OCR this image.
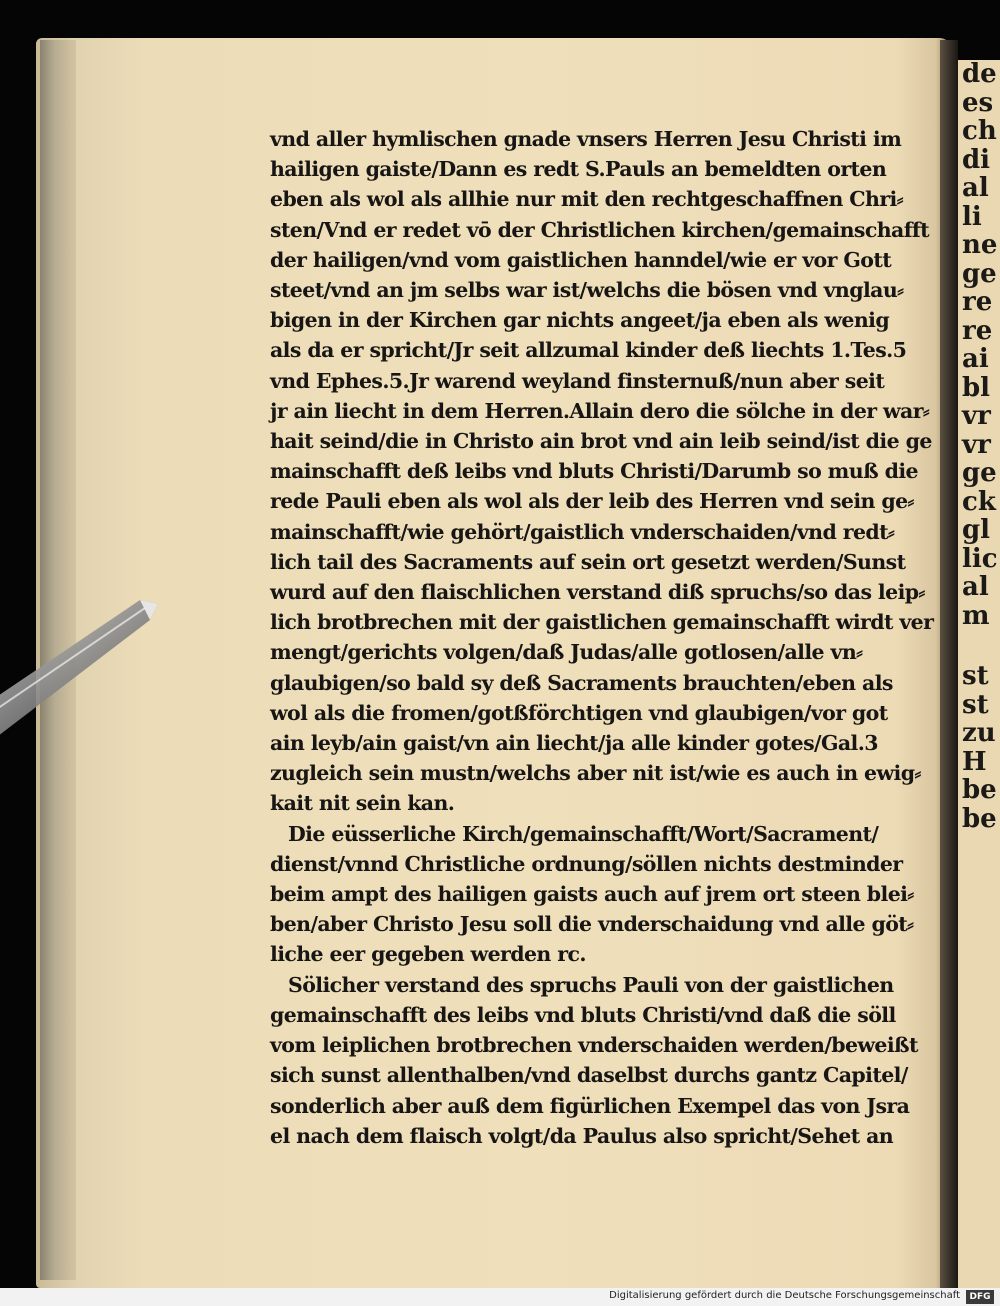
de
es
ch
di
al
li
ne
ge
re
re
ai
bl
vr
vr
ge
ck
gl
lic
al
m
st
st
zu
H
be
be
vnd aller hymlischen gnade vnsers Herren Jesu Christi im
hailigen gaiste/Dann es redt S.Pauls an bemeldten orten
eben als wol als allhie nur mit den rechtgeschaffnen Chri⸗
sten/Vnd er redet vō der Christlichen kirchen/gemainschafft
der hailigen/vnd vom gaistlichen hanndel/wie er vor Gott
steet/vnd an jm selbs war ist/welchs die bösen vnd vnglau⸗
bigen in der Kirchen gar nichts angeet/ja eben als wenig
als da er spricht/Jr seit allzumal kinder deß liechts 1.Tes.5
vnd Ephes.5.Jr warend weyland finsternuß/nun aber seit
jr ain liecht in dem Herren.Allain dero die sölche in der war⸗
hait seind/die in Christo ain brot vnd ain leib seind/ist die ge
mainschafft deß leibs vnd bluts Christi/Darumb so muß die
rede Pauli eben als wol als der leib des Herren vnd sein ge⸗
mainschafft/wie gehört/gaistlich vnderschaiden/vnd redt⸗
lich tail des Sacraments auf sein ort gesetzt werden/Sunst
wurd auf den flaischlichen verstand diß spruchs/so das leip⸗
lich brotbrechen mit der gaistlichen gemainschafft wirdt ver
mengt/gerichts volgen/daß Judas/alle gotlosen/alle vn⸗
glaubigen/so bald sy deß Sacraments brauchten/eben als
wol als die fromen/gotßförchtigen vnd glaubigen/vor got
ain leyb/ain gaist/vn ain liecht/ja alle kinder gotes/Gal.3
zugleich sein mustn/welchs aber nit ist/wie es auch in ewig⸗
kait nit sein kan.
Die eüsserliche Kirch/gemainschafft/Wort/Sacrament/
dienst/vnnd Christliche ordnung/söllen nichts destminder
beim ampt des hailigen gaists auch auf jrem ort steen blei⸗
ben/aber Christo Jesu soll die vnderschaidung vnd alle göt⸗
liche eer gegeben werden rc.
Sölicher verstand des spruchs Pauli von der gaistlichen
gemainschafft des leibs vnd bluts Christi/vnd daß die söll
vom leiplichen brotbrechen vnderschaiden werden/beweißt
sich sunst allenthalben/vnd daselbst durchs gantz Capitel/
sonderlich aber auß dem figürlichen Exempel das von Jsra
el nach dem flaisch volgt/da Paulus also spricht/Sehet an
Digitalisierung gefördert durch die Deutsche Forschungsgemeinschaft	DFG
